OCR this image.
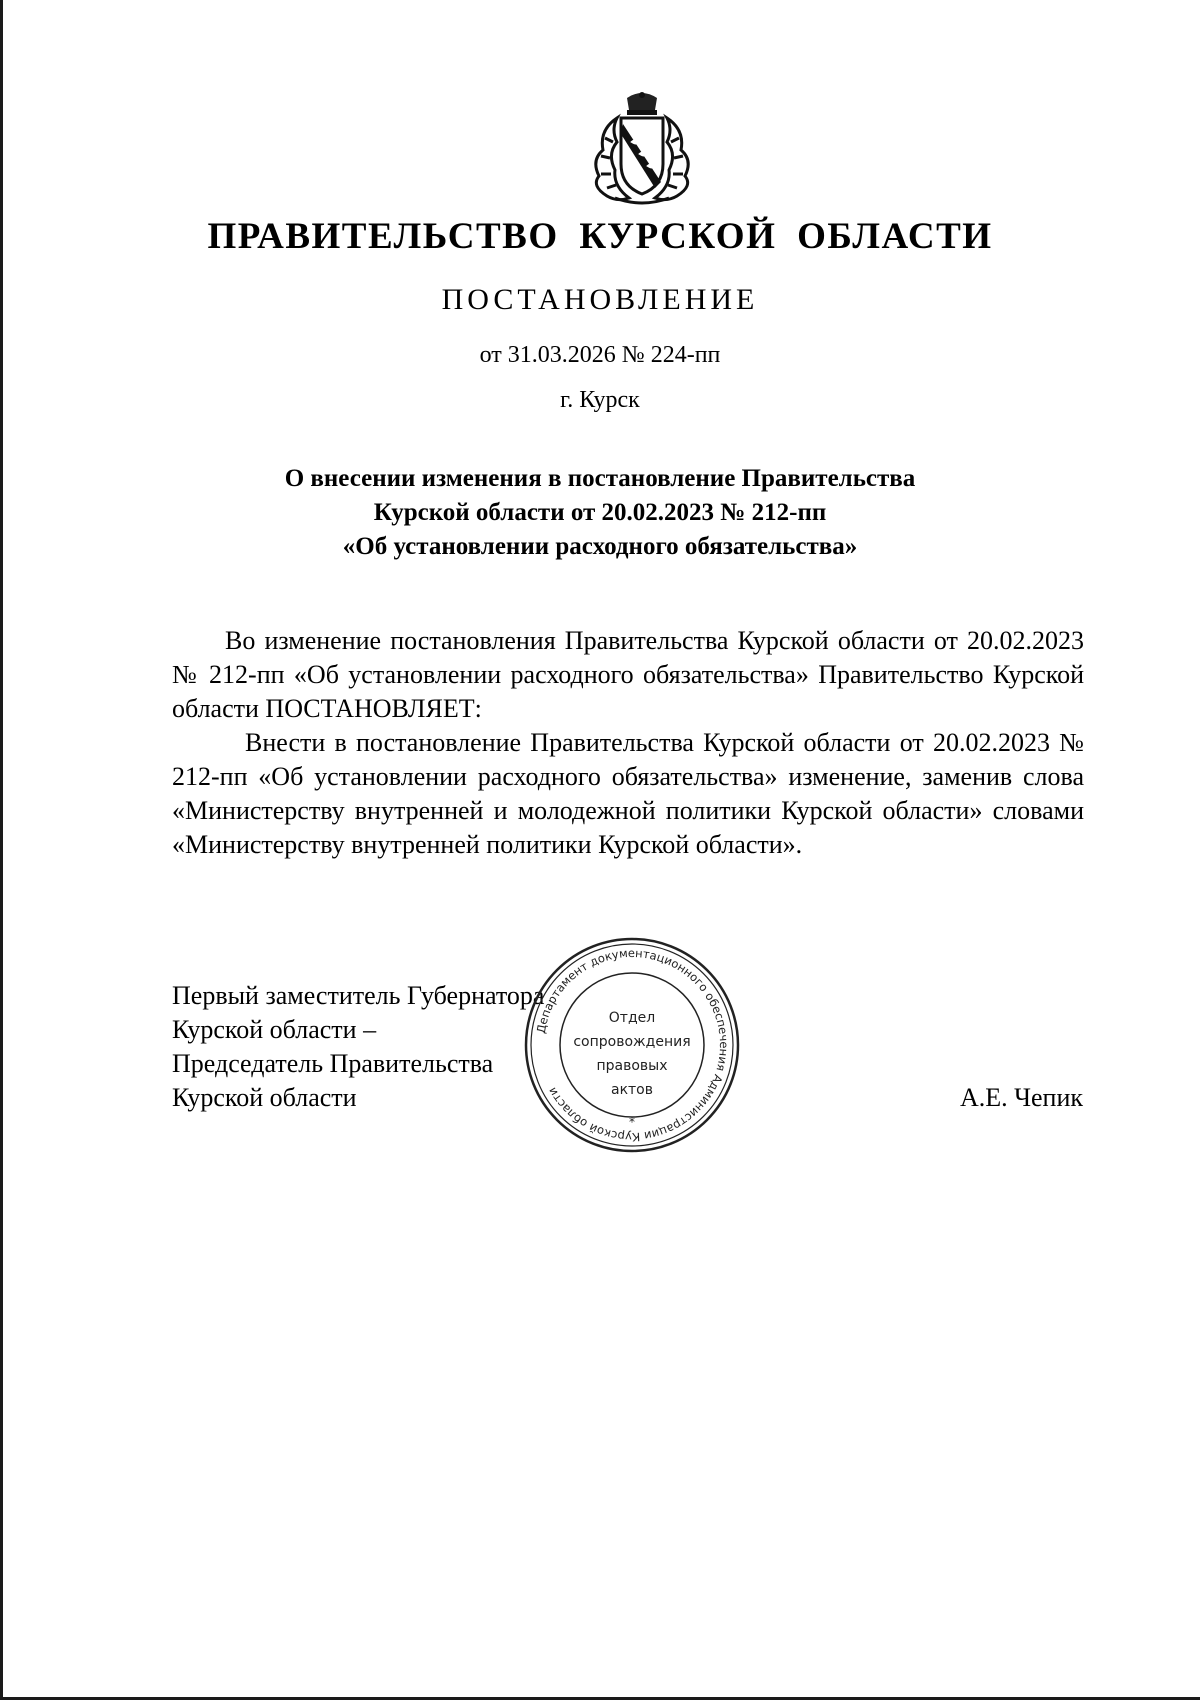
ПРАВИТЕЛЬСТВО КУРСКОЙ ОБЛАСТИ
ПОСТАНОВЛЕНИЕ
от 31.03.2026 № 224-пп
г. Курск
О внесении изменения в постановление Правительства
Курской области от 20.02.2023 № 212-пп
«Об установлении расходного обязательства»

Во изменение постановления Правительства Курской области от 20.02.2023 № 212-пп «Об установлении расходного обязательства» Правительство Курской области ПОСТАНОВЛЯЕТ:

Внести в постановление Правительства Курской области от 20.02.2023 № 212-пп «Об установлении расходного обязательства» изменение, заменив слова «Министерству внутренней и молодежной политики Курской области» словами «Министерству внутренней политики Курской области».

Первый заместитель Губернатора
Курской области –
Председатель Правительства
Курской области	А.Е. Чепик
Департамент документационного обеспечения Администрации Курской области
*
Отдел
сопровождения
правовых
актов
